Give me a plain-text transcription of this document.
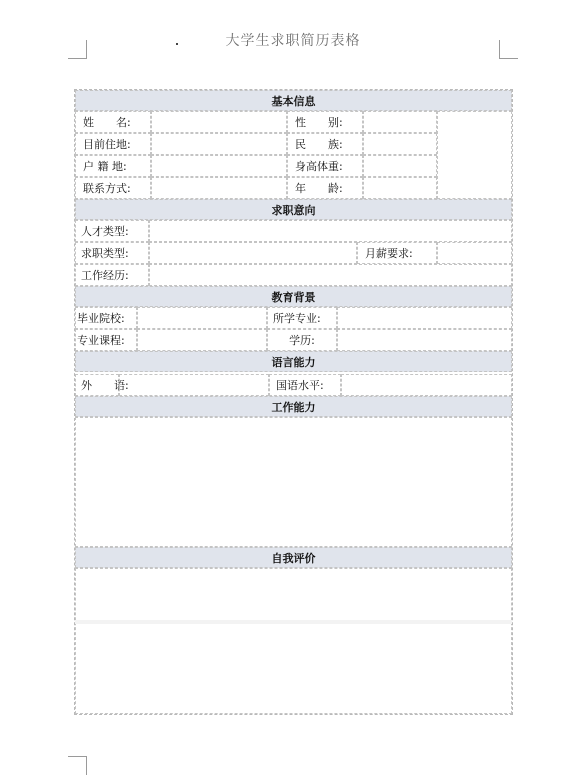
大学生求职简历表格
基本信息
姓　　名:	性　　别:
目前住地:	民　　族:
户 籍 地:	身高体重:
联系方式:	年　　龄:
求职意向
人才类型:
求职类型:	月薪要求:
工作经历:
教育背景
毕业院校:	所学专业:
专业课程:	学历:
语言能力
外　　语:	国语水平:
工作能力
自我评价
